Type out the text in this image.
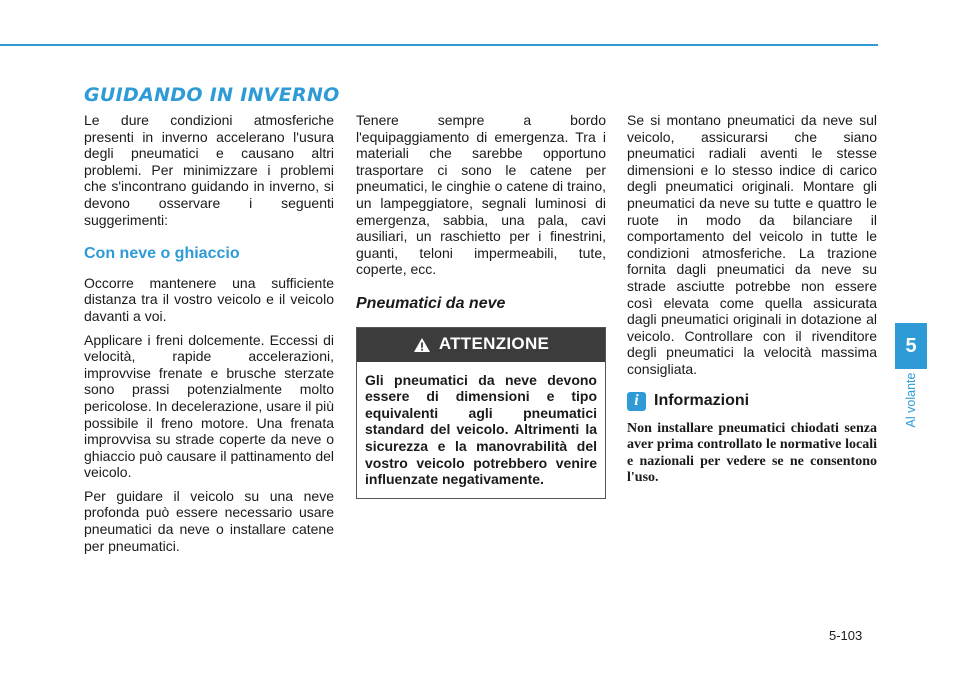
GUIDANDO IN INVERNO

Le dure condizioni atmosferiche presenti in inverno accelerano l'usura degli pneumatici e causano altri problemi. Per minimizzare i problemi che s'incontrano guidando in inverno, si devono osservare i seguenti suggerimenti:

Con neve o ghiaccio

Occorre mantenere una sufficiente distanza tra il vostro veicolo e il veicolo davanti a voi.

Applicare i freni dolcemente. Eccessi di velocità, rapide accelerazioni, improvvise frenate e brusche sterzate sono prassi potenzialmente molto pericolose. In decelerazione, usare il più possibile il freno motore. Una frenata improvvisa su strade coperte da neve o ghiaccio può causare il pattinamento del veicolo.

Per guidare il veicolo su una neve profonda può essere necessario usare pneumatici da neve o installare catene per pneumatici.

Tenere sempre a bordo l'equipaggiamento di emergenza. Tra i materiali che sarebbe opportuno trasportare ci sono le catene per pneumatici, le cinghie o catene di traino, un lampeggiatore, segnali luminosi di emergenza, sabbia, una pala, cavi ausiliari, un raschietto per i finestrini, guanti, teloni impermeabili, tute, coperte, ecc.

Pneumatici da neve
ATTENZIONE
Gli pneumatici da neve devono essere di dimensioni e tipo equivalenti agli pneumatici standard del veicolo. Altrimenti la sicurezza e la manovrabilità del vostro veicolo potrebbero venire influenzate negativamente.

Se si montano pneumatici da neve sul veicolo, assicurarsi che siano pneumatici radiali aventi le stesse dimensioni e lo stesso indice di carico degli pneumatici originali. Montare gli pneumatici da neve su tutte e quattro le ruote in modo da bilanciare il comportamento del veicolo in tutte le condizioni atmosferiche. La trazione fornita dagli pneumatici da neve su strade asciutte potrebbe non essere così elevata come quella assicurata dagli pneumatici originali in dotazione al veicolo. Controllare con il rivenditore degli pneumatici la velocità massima consigliata.

i Informazioni

Non installare pneumatici chiodati senza aver prima controllato le normative locali e nazionali per vedere se ne consentono l'uso.

5
Al volante
5-103
